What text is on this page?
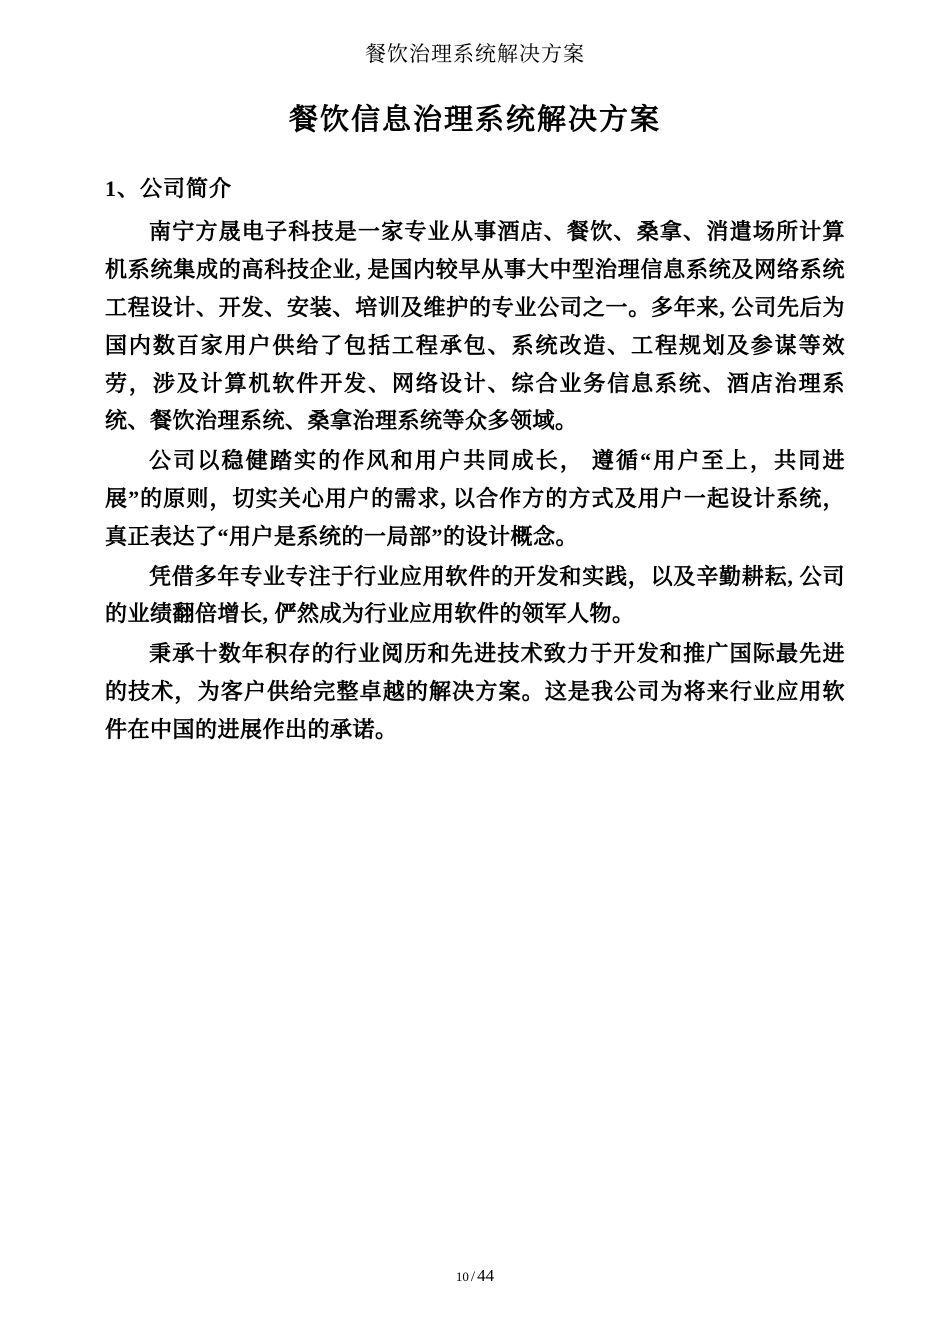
餐饮治理系统解决方案
餐饮信息治理系统解决方案
1、公司简介

南宁方晟电子科技是一家专业从事酒店、餐饮、桑拿、消遣场所计算机系统集成的高科技企业, 是国内较早从事大中型治理信息系统及网络系统工程设计、开发、安装、培训及维护的专业公司之一。多年来, 公司先后为国内数百家用户供给了包括工程承包、系统改造、工程规划及参谋等效劳，涉及计算机软件开发、网络设计、综合业务信息系统、酒店治理系统、餐饮治理系统、桑拿治理系统等众多领域。

公司以稳健踏实的作风和用户共同成长， 遵循“用户至上，共同进展”的原则，切实关心用户的需求, 以合作方的方式及用户一起设计系统，真正表达了“用户是系统的一局部”的设计概念。

凭借多年专业专注于行业应用软件的开发和实践，以及辛勤耕耘, 公司的业绩翻倍增长, 俨然成为行业应用软件的领军人物。

秉承十数年积存的行业阅历和先进技术致力于开发和推广国际最先进的技术，为客户供给完整卓越的解决方案。这是我公司为将来行业应用软件在中国的进展作出的承诺。

10 / 44
